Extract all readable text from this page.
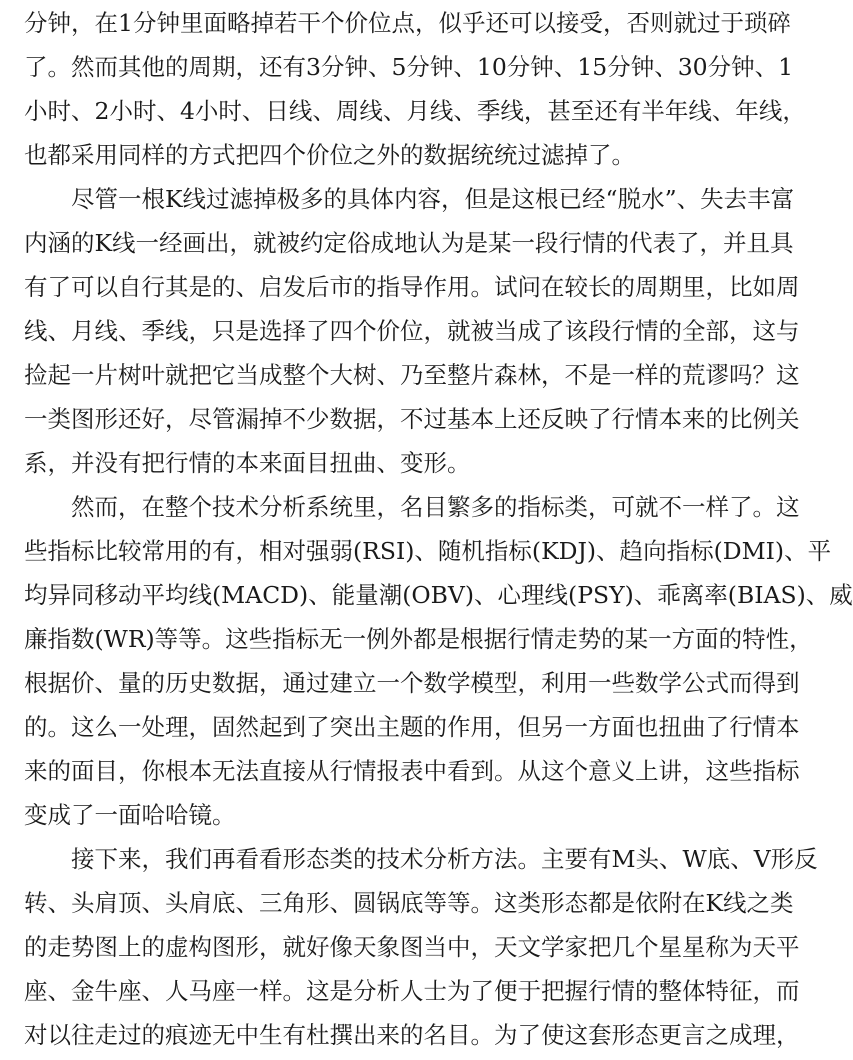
分钟，在1分钟里面略掉若干个价位点，似乎还可以接受，否则就过于琐碎
了。然而其他的周期，还有3分钟、5分钟、10分钟、15分钟、30分钟、1
小时、2小时、4小时、日线、周线、月线、季线，甚至还有半年线、年线，
也都采用同样的方式把四个价位之外的数据统统过滤掉了。
尽管一根K线过滤掉极多的具体内容，但是这根已经“脱水”、失去丰富
内涵的K线一经画出，就被约定俗成地认为是某一段行情的代表了，并且具
有了可以自行其是的、启发后市的指导作用。试问在较长的周期里，比如周
线、月线、季线，只是选择了四个价位，就被当成了该段行情的全部，这与
捡起一片树叶就把它当成整个大树、乃至整片森林，不是一样的荒谬吗？这
一类图形还好，尽管漏掉不少数据，不过基本上还反映了行情本来的比例关
系，并没有把行情的本来面目扭曲、变形。
然而，在整个技术分析系统里，名目繁多的指标类，可就不一样了。这
些指标比较常用的有，相对强弱(RSI)、随机指标(KDJ)、趋向指标(DMI)、平
均异同移动平均线(MACD)、能量潮(OBV)、心理线(PSY)、乖离率(BIAS)、威
廉指数(WR)等等。这些指标无一例外都是根据行情走势的某一方面的特性，
根据价、量的历史数据，通过建立一个数学模型，利用一些数学公式而得到
的。这么一处理，固然起到了突出主题的作用，但另一方面也扭曲了行情本
来的面目，你根本无法直接从行情报表中看到。从这个意义上讲，这些指标
变成了一面哈哈镜。
接下来，我们再看看形态类的技术分析方法。主要有M头、W底、V形反
转、头肩顶、头肩底、三角形、圆锅底等等。这类形态都是依附在K线之类
的走势图上的虚构图形，就好像天象图当中，天文学家把几个星星称为天平
座、金牛座、人马座一样。这是分析人士为了便于把握行情的整体特征，而
对以往走过的痕迹无中生有杜撰出来的名目。为了使这套形态更言之成理，
